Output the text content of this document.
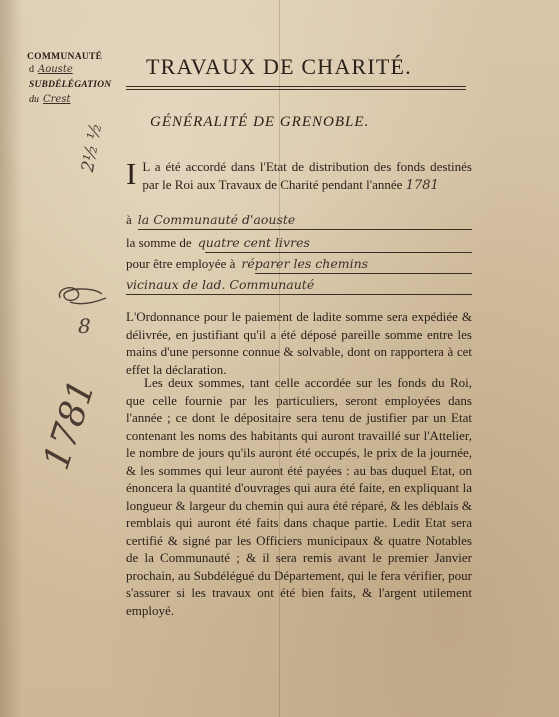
COMMUNAUTÉ
d Aouste
SUBDÉLÉGATION
du Crest
TRAVAUX DE CHARITÉ.
GÉNÉRALITÉ DE GRENOBLE.
I L a été accordé dans l'Etat de distribution des fonds destinés par le Roi aux Travaux de Charité pendant l'année 1781
à la Communauté d'aouste
la somme de quatre cent livres
pour être employée à réparer les chemins
vicinaux de lad. Communauté
L'Ordonnance pour le paiement de ladite somme sera expédiée & délivrée, en justifiant qu'il a été déposé pareille somme entre les mains d'une personne connue & solvable, dont on rapportera à cet effet la déclaration.
Les deux sommes, tant celle accordée sur les fonds du Roi, que celle fournie par les particuliers, seront employées dans l'année ; ce dont le dépositaire sera tenu de justifier par un Etat contenant les noms des habitants qui auront travaillé sur l'Attelier, le nombre de jours qu'ils auront été occupés, le prix de la journée, & les sommes qui leur auront été payées : au bas duquel Etat, on énoncera la quantité d'ouvrages qui aura été faite, en expliquant la longueur & largeur du chemin qui aura été réparé, & les déblais & remblais qui auront été faits dans chaque partie. Ledit Etat sera certifié & signé par les Officiers municipaux & quatre Notables de la Communauté ; & il sera remis avant le premier Janvier prochain, au Subdélégué du Département, qui le fera vérifier, pour s'assurer si les travaux ont été bien faits, & l'argent utilement employé.
2½ ½
8
1781
